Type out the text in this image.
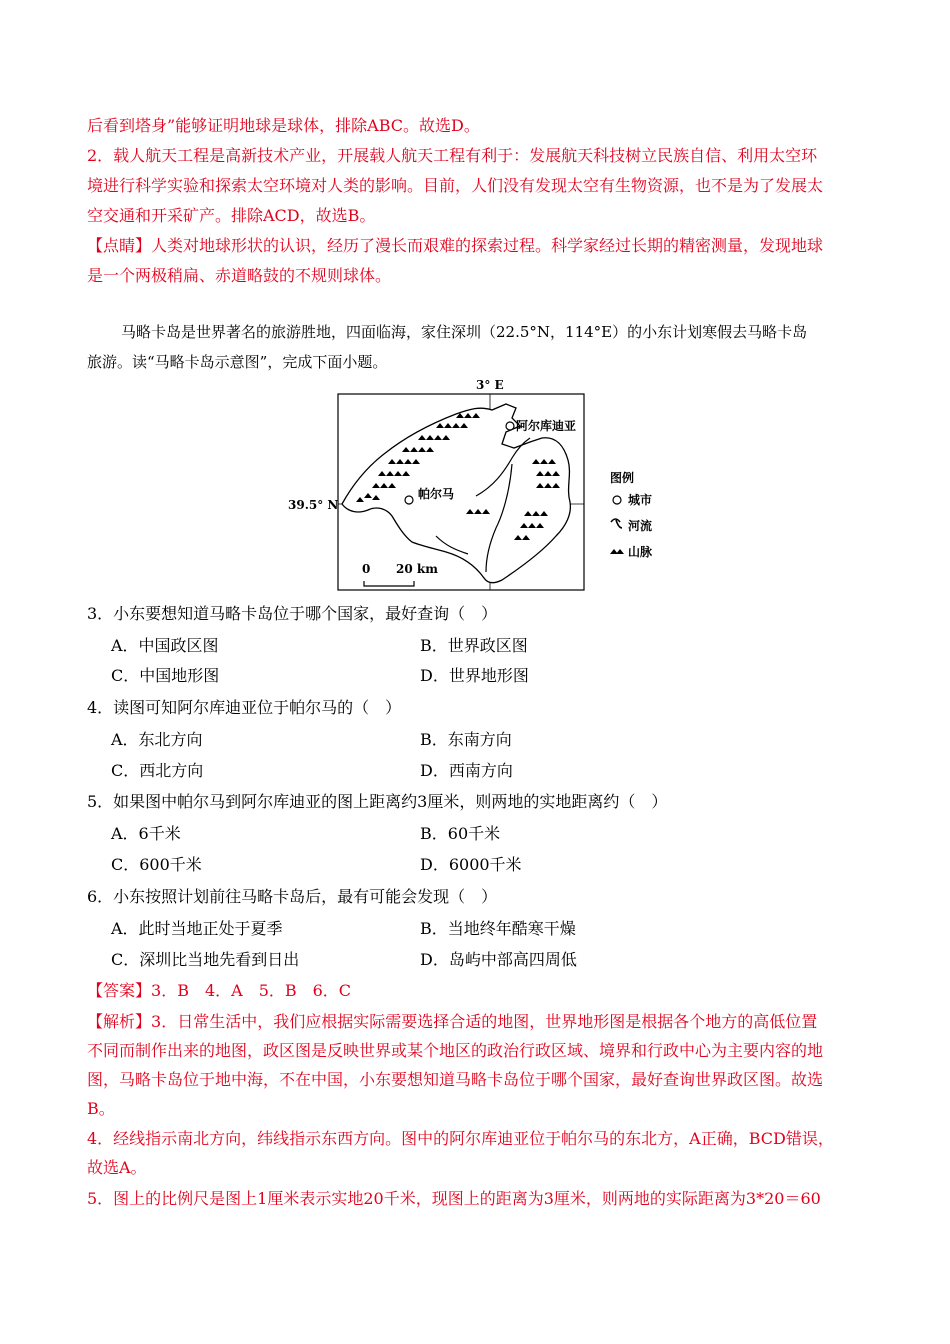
后看到塔身”能够证明地球是球体，排除ABC。故选D。
2．载人航天工程是高新技术产业，开展载人航天工程有利于：发展航天科技树立民族自信、利用太空环
境进行科学实验和探索太空环境对人类的影响。目前，人们没有发现太空有生物资源，也不是为了发展太
空交通和开采矿产。排除ACD，故选B。
【点睛】人类对地球形状的认识，经历了漫长而艰难的探索过程。科学家经过长期的精密测量，发现地球
是一个两极稍扁、赤道略鼓的不规则球体。
马略卡岛是世界著名的旅游胜地，四面临海，家住深圳（22.5°N，114°E）的小东计划寒假去马略卡岛
旅游。读“马略卡岛示意图”，完成下面小题。
3° E
39.5° N
阿尔库迪亚
帕尔马
0 20 km
图例
城市
河流
山脉
3．小东要想知道马略卡岛位于哪个国家，最好查询（　）
A．中国政区图	B．世界政区图
C．中国地形图	D．世界地形图
4．读图可知阿尔库迪亚位于帕尔马的（　）
A．东北方向	B．东南方向
C．西北方向	D．西南方向
5．如果图中帕尔马到阿尔库迪亚的图上距离约3厘米，则两地的实地距离约（　）
A．6千米	B．60千米
C．600千米	D．6000千米
6．小东按照计划前往马略卡岛后，最有可能会发现（　）
A．此时当地正处于夏季	B．当地终年酷寒干燥
C．深圳比当地先看到日出	D．岛屿中部高四周低
【答案】3．B　4．A　5．B　6．C
【解析】3．日常生活中，我们应根据实际需要选择合适的地图，世界地形图是根据各个地方的高低位置
不同而制作出来的地图，政区图是反映世界或某个地区的政治行政区域、境界和行政中心为主要内容的地
图，马略卡岛位于地中海，不在中国，小东要想知道马略卡岛位于哪个国家，最好查询世界政区图。故选
B。
4．经线指示南北方向，纬线指示东西方向。图中的阿尔库迪亚位于帕尔马的东北方，A正确，BCD错误，
故选A。
5．图上的比例尺是图上1厘米表示实地20千米，现图上的距离为3厘米，则两地的实际距离为3*20＝60
